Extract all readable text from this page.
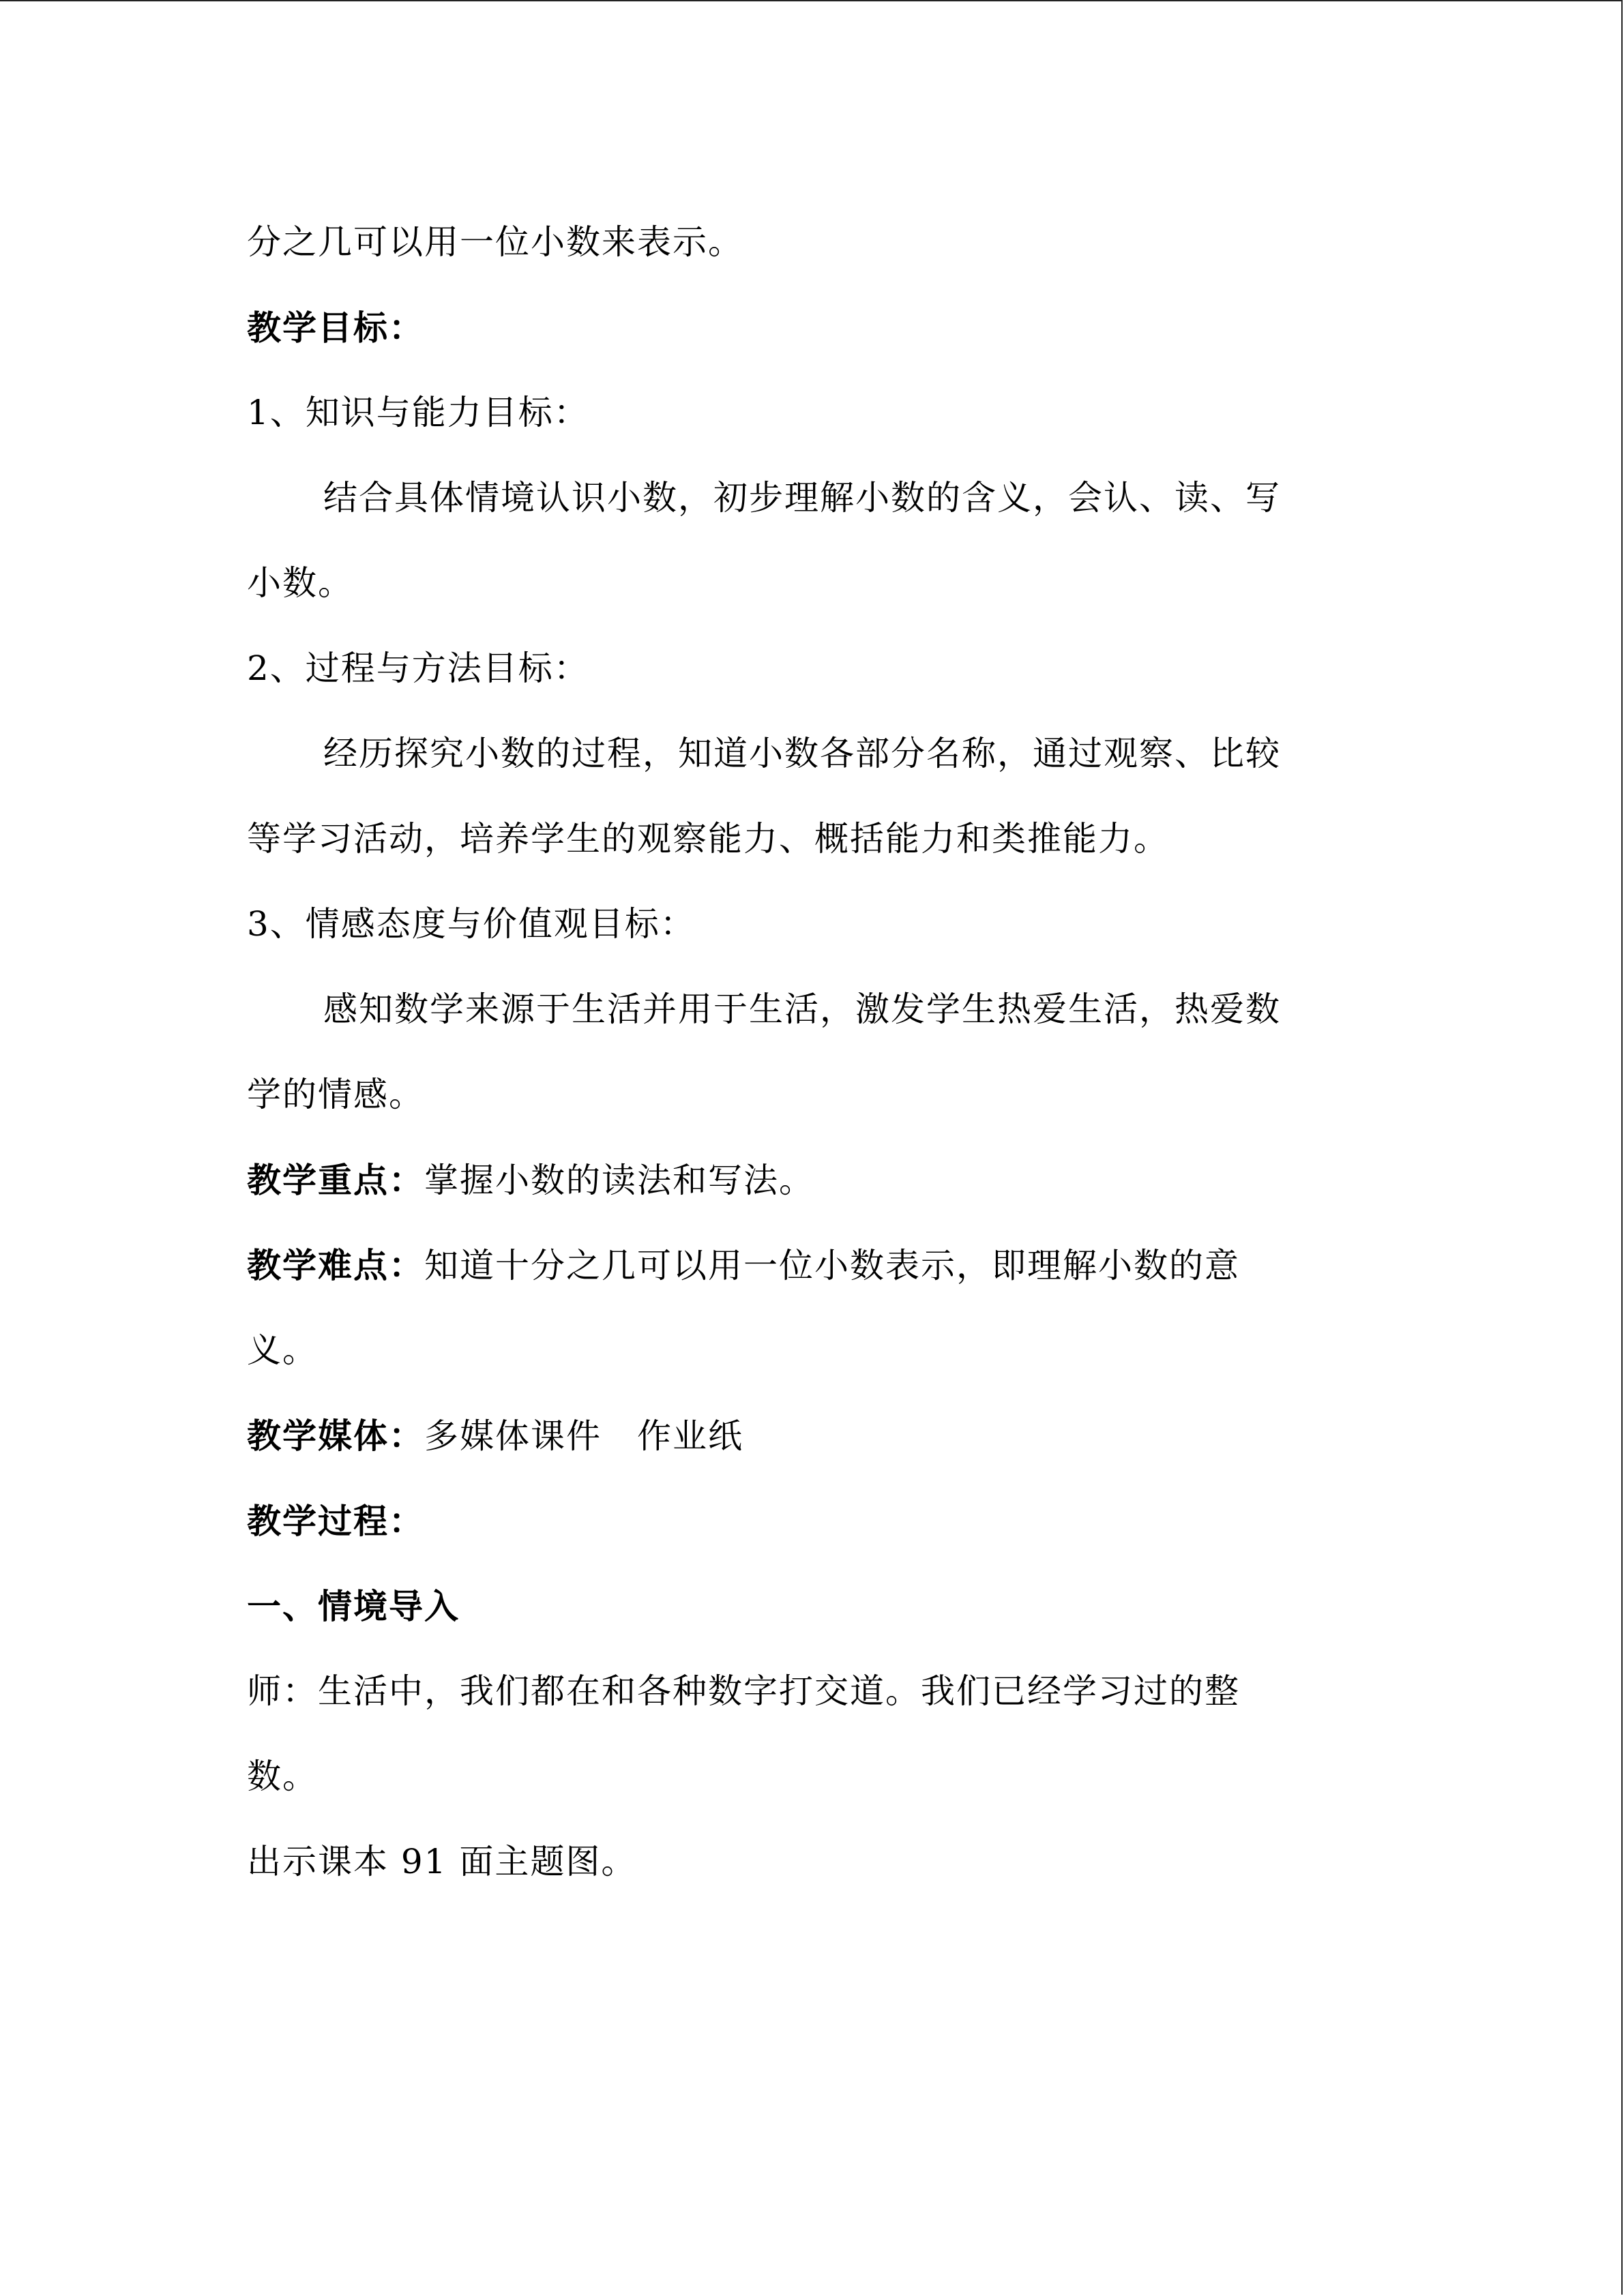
分之几可以用一位小数来表示。
教学目标：
1、知识与能力目标：
结合具体情境认识小数，初步理解小数的含义，会认、读、写
小数。
2、过程与方法目标：
经历探究小数的过程，知道小数各部分名称，通过观察、比较
等学习活动，培养学生的观察能力、概括能力和类推能力。
3、情感态度与价值观目标：
感知数学来源于生活并用于生活，激发学生热爱生活，热爱数
学的情感。
教学重点：掌握小数的读法和写法。
教学难点：知道十分之几可以用一位小数表示，即理解小数的意
义。
教学媒体：多媒体课件　作业纸
教学过程：
一、情境导入
师：生活中，我们都在和各种数字打交道。我们已经学习过的整
数。
出示课本 91 面主题图。
